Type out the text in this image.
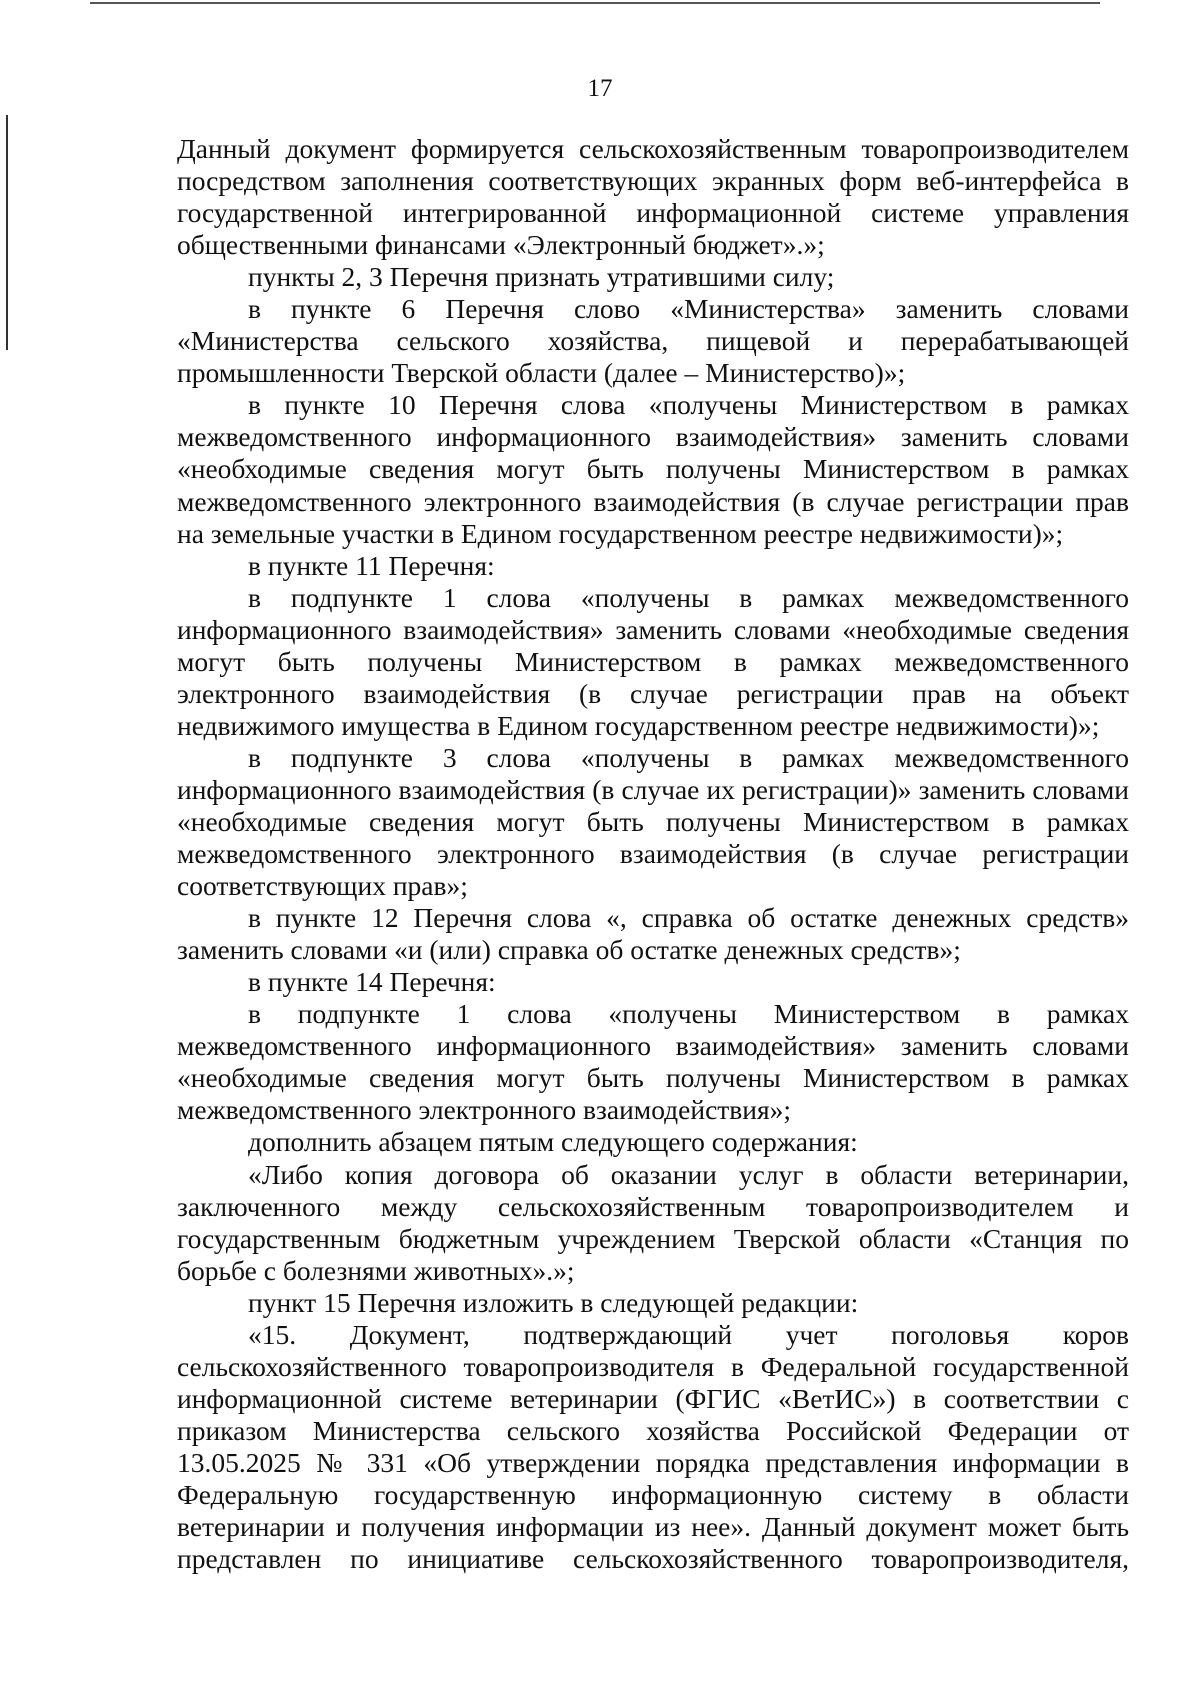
17

Данный документ формируется сельскохозяйственным товаропроизводителем посредством заполнения соответствующих экранных форм веб-интерфейса в государственной интегрированной информационной системе управления общественными финансами «Электронный бюджет».»;

пункты 2, 3 Перечня признать утратившими силу;

в пункте 6 Перечня слово «Министерства» заменить словами «Министерства сельского хозяйства, пищевой и перерабатывающей промышленности Тверской области (далее – Министерство)»;

в пункте 10 Перечня слова «получены Министерством в рамках межведомственного информационного взаимодействия» заменить словами «необходимые сведения могут быть получены Министерством в рамках межведомственного электронного взаимодействия (в случае регистрации прав на земельные участки в Едином государственном реестре недвижимости)»;

в пункте 11 Перечня:

в подпункте 1 слова «получены в рамках межведомственного информационного взаимодействия» заменить словами «необходимые сведения могут быть получены Министерством в рамках межведомственного электронного взаимодействия (в случае регистрации прав на объект недвижимого имущества в Едином государственном реестре недвижимости)»;

в подпункте 3 слова «получены в рамках межведомственного информационного взаимодействия (в случае их регистрации)» заменить словами «необходимые сведения могут быть получены Министерством в рамках межведомственного электронного взаимодействия (в случае регистрации соответствующих прав»;

в пункте 12 Перечня слова «, справка об остатке денежных средств» заменить словами «и (или) справка об остатке денежных средств»;

в пункте 14 Перечня:

в подпункте 1 слова «получены Министерством в рамках межведомственного информационного взаимодействия» заменить словами «необходимые сведения могут быть получены Министерством в рамках межведомственного электронного взаимодействия»;

дополнить абзацем пятым следующего содержания:

«Либо копия договора об оказании услуг в области ветеринарии, заключенного между сельскохозяйственным товаропроизводителем и государственным бюджетным учреждением Тверской области «Станция по борьбе с болезнями животных».»;

пункт 15 Перечня изложить в следующей редакции:

«15. Документ, подтверждающий учет поголовья коров сельскохозяйственного товаропроизводителя в Федеральной государственной информационной системе ветеринарии (ФГИС «ВетИС») в соответствии с приказом Министерства сельского хозяйства Российской Федерации от 13.05.2025 № 331 «Об утверждении порядка представления информации в Федеральную государственную информационную систему в области ветеринарии и получения информации из нее». Данный документ может быть представлен по инициативе сельскохозяйственного товаропроизводителя,
